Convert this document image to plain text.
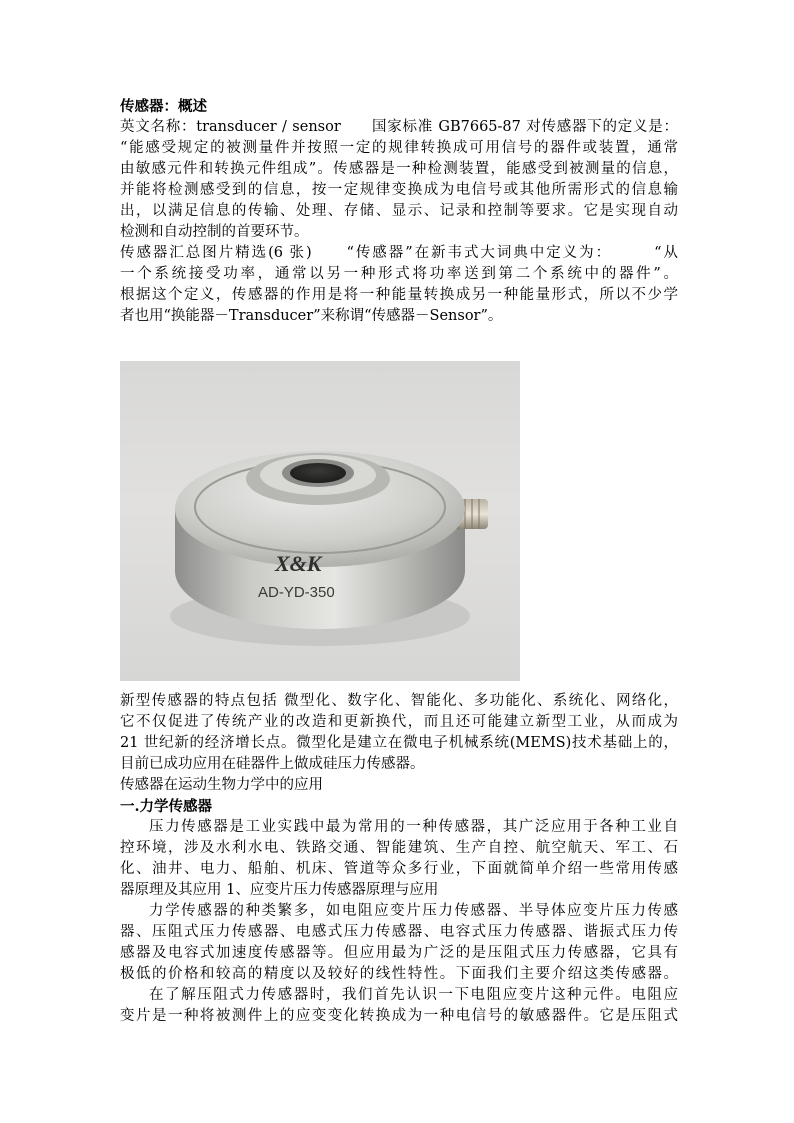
传感器：概述
英文名称：transducer / sensor　　国家标准 GB7665-87 对传感器下的定义是：
“能感受规定的被测量件并按照一定的规律转换成可用信号的器件或装置，通常
由敏感元件和转换元件组成”。传感器是一种检测装置，能感受到被测量的信息，
并能将检测感受到的信息，按一定规律变换成为电信号或其他所需形式的信息输
出，以满足信息的传输、处理、存储、显示、记录和控制等要求。它是实现自动
检测和自动控制的首要环节。
传感器汇总图片精选(6 张)　　“传感器”在新韦式大词典中定义为：　　　“从
一个系统接受功率，通常以另一种形式将功率送到第二个系统中的器件”。
根据这个定义，传感器的作用是将一种能量转换成另一种能量形式，所以不少学
者也用“换能器－Transducer”来称谓“传感器－Sensor”。
X&K
AD-YD-350
新型传感器的特点包括 微型化、数字化、智能化、多功能化、系统化、网络化，
它不仅促进了传统产业的改造和更新换代，而且还可能建立新型工业，从而成为
21 世纪新的经济增长点。微型化是建立在微电子机械系统(MEMS)技术基础上的，
目前已成功应用在硅器件上做成硅压力传感器。
传感器在运动生物力学中的应用
一.力学传感器
压力传感器是工业实践中最为常用的一种传感器，其广泛应用于各种工业自
控环境，涉及水利水电、铁路交通、智能建筑、生产自控、航空航天、军工、石
化、油井、电力、船舶、机床、管道等众多行业，下面就简单介绍一些常用传感
器原理及其应用 1、应变片压力传感器原理与应用
力学传感器的种类繁多，如电阻应变片压力传感器、半导体应变片压力传感
器、压阻式压力传感器、电感式压力传感器、电容式压力传感器、谐振式压力传
感器及电容式加速度传感器等。但应用最为广泛的是压阻式压力传感器，它具有
极低的价格和较高的精度以及较好的线性特性。下面我们主要介绍这类传感器。
在了解压阻式力传感器时，我们首先认识一下电阻应变片这种元件。电阻应
变片是一种将被测件上的应变变化转换成为一种电信号的敏感器件。它是压阻式
